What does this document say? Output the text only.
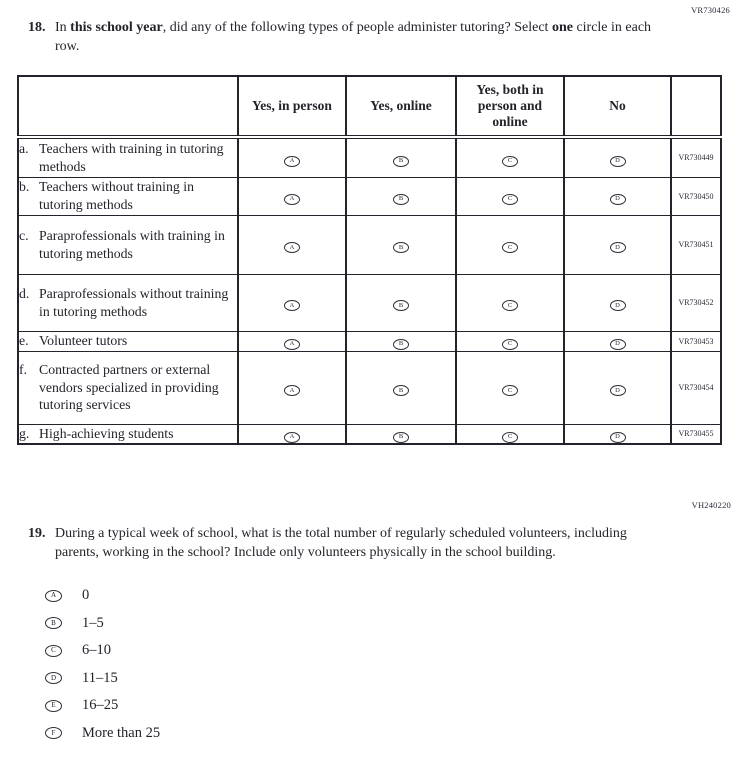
VR730426
18. In this school year, did any of the following types of people administer tutoring? Select one circle in each row.
	Yes, in person	Yes, online	Yes, both in person and online	No	

a. Teachers with training in tutoring methods	A	B	C	D	VR730449

b. Teachers without training in tutoring methods	A	B	C	D	VR730450

c. Paraprofessionals with training in tutoring methods	A	B	C	D	VR730451

d. Paraprofessionals without training in tutoring methods	A	B	C	D	VR730452

e. Volunteer tutors	A	B	C	D	VR730453

f. Contracted partners or external vendors specialized in providing tutoring services	A	B	C	D	VR730454

g. High-achieving students	A	B	C	D	VR730455
VH240220
19. During a typical week of school, what is the total number of regularly scheduled volunteers, including parents, working in the school? Include only volunteers physically in the school building.
A	0
B	1–5
C	6–10
D	11–15
E	16–25
F	More than 25
